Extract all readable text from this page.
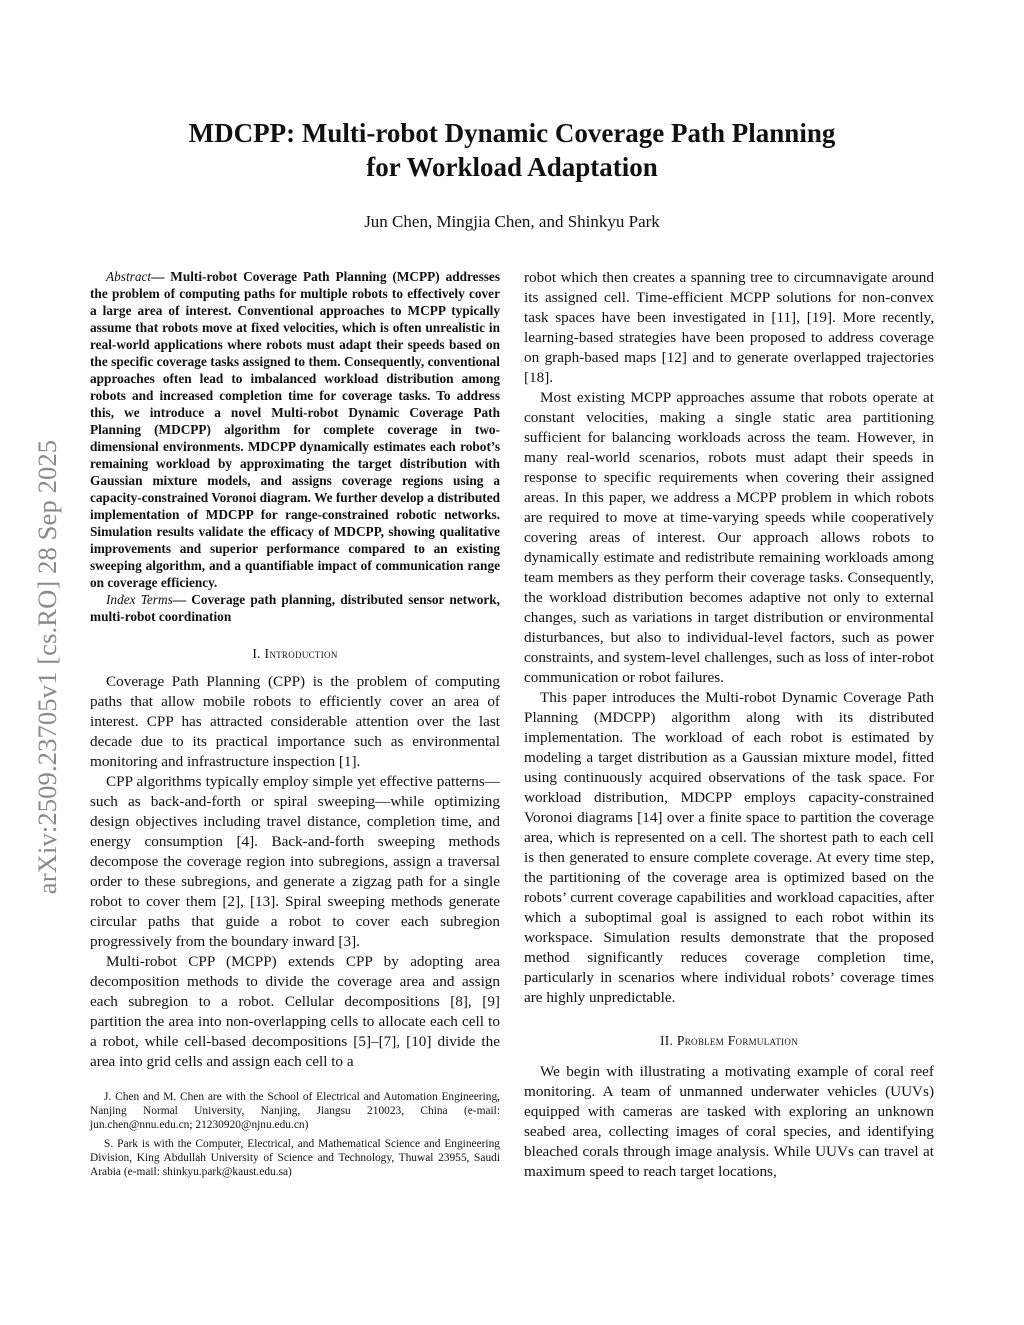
arXiv:2509.23705v1 [cs.RO] 28 Sep 2025
MDCPP: Multi-robot Dynamic Coverage Path Planning
for Workload Adaptation
Jun Chen, Mingjia Chen, and Shinkyu Park

Abstract— Multi-robot Coverage Path Planning (MCPP) addresses the problem of computing paths for multiple robots to effectively cover a large area of interest. Conventional approaches to MCPP typically assume that robots move at fixed velocities, which is often unrealistic in real-world applications where robots must adapt their speeds based on the specific coverage tasks assigned to them. Consequently, conventional approaches often lead to imbalanced workload distribution among robots and increased completion time for coverage tasks. To address this, we introduce a novel Multi-robot Dynamic Coverage Path Planning (MDCPP) algorithm for complete coverage in two-dimensional environments. MDCPP dynamically estimates each robot’s remaining workload by approximating the target distribution with Gaussian mixture models, and assigns coverage regions using a capacity-constrained Voronoi diagram. We further develop a distributed implementation of MDCPP for range-constrained robotic networks. Simulation results validate the efficacy of MDCPP, showing qualitative improvements and superior performance compared to an existing sweeping algorithm, and a quantifiable impact of communication range on coverage efficiency.

Index Terms— Coverage path planning, distributed sensor network, multi-robot coordination

I. Introduction

Coverage Path Planning (CPP) is the problem of computing paths that allow mobile robots to efficiently cover an area of interest. CPP has attracted considerable attention over the last decade due to its practical importance such as environmental monitoring and infrastructure inspection [1].

CPP algorithms typically employ simple yet effective patterns—such as back-and-forth or spiral sweeping—while optimizing design objectives including travel distance, completion time, and energy consumption [4]. Back-and-forth sweeping methods decompose the coverage region into subregions, assign a traversal order to these subregions, and generate a zigzag path for a single robot to cover them [2], [13]. Spiral sweeping methods generate circular paths that guide a robot to cover each subregion progressively from the boundary inward [3].

Multi-robot CPP (MCPP) extends CPP by adopting area decomposition methods to divide the coverage area and assign each subregion to a robot. Cellular decompositions [8], [9] partition the area into non-overlapping cells to allocate each cell to a robot, while cell-based decompositions [5]–[7], [10] divide the area into grid cells and assign each cell to a

J. Chen and M. Chen are with the School of Electrical and Automation Engineering, Nanjing Normal University, Nanjing, Jiangsu 210023, China (e-mail: jun.chen@nnu.edu.cn; 21230920@njnu.edu.cn)

S. Park is with the Computer, Electrical, and Mathematical Science and Engineering Division, King Abdullah University of Science and Technology, Thuwal 23955, Saudi Arabia (e-mail: shinkyu.park@kaust.edu.sa)

robot which then creates a spanning tree to circumnavigate around its assigned cell. Time-efficient MCPP solutions for non-convex task spaces have been investigated in [11], [19]. More recently, learning-based strategies have been proposed to address coverage on graph-based maps [12] and to generate overlapped trajectories [18].

Most existing MCPP approaches assume that robots operate at constant velocities, making a single static area partitioning sufficient for balancing workloads across the team. However, in many real-world scenarios, robots must adapt their speeds in response to specific requirements when covering their assigned areas. In this paper, we address a MCPP problem in which robots are required to move at time-varying speeds while cooperatively covering areas of interest. Our approach allows robots to dynamically estimate and redistribute remaining workloads among team members as they perform their coverage tasks. Consequently, the workload distribution becomes adaptive not only to external changes, such as variations in target distribution or environmental disturbances, but also to individual-level factors, such as power constraints, and system-level challenges, such as loss of inter-robot communication or robot failures.

This paper introduces the Multi-robot Dynamic Coverage Path Planning (MDCPP) algorithm along with its distributed implementation. The workload of each robot is estimated by modeling a target distribution as a Gaussian mixture model, fitted using continuously acquired observations of the task space. For workload distribution, MDCPP employs capacity-constrained Voronoi diagrams [14] over a finite space to partition the coverage area, which is represented on a cell. The shortest path to each cell is then generated to ensure complete coverage. At every time step, the partitioning of the coverage area is optimized based on the robots’ current coverage capabilities and workload capacities, after which a suboptimal goal is assigned to each robot within its workspace. Simulation results demonstrate that the proposed method significantly reduces coverage completion time, particularly in scenarios where individual robots’ coverage times are highly unpredictable.

II. Problem Formulation

We begin with illustrating a motivating example of coral reef monitoring. A team of unmanned underwater vehicles (UUVs) equipped with cameras are tasked with exploring an unknown seabed area, collecting images of coral species, and identifying bleached corals through image analysis. While UUVs can travel at maximum speed to reach target locations,
